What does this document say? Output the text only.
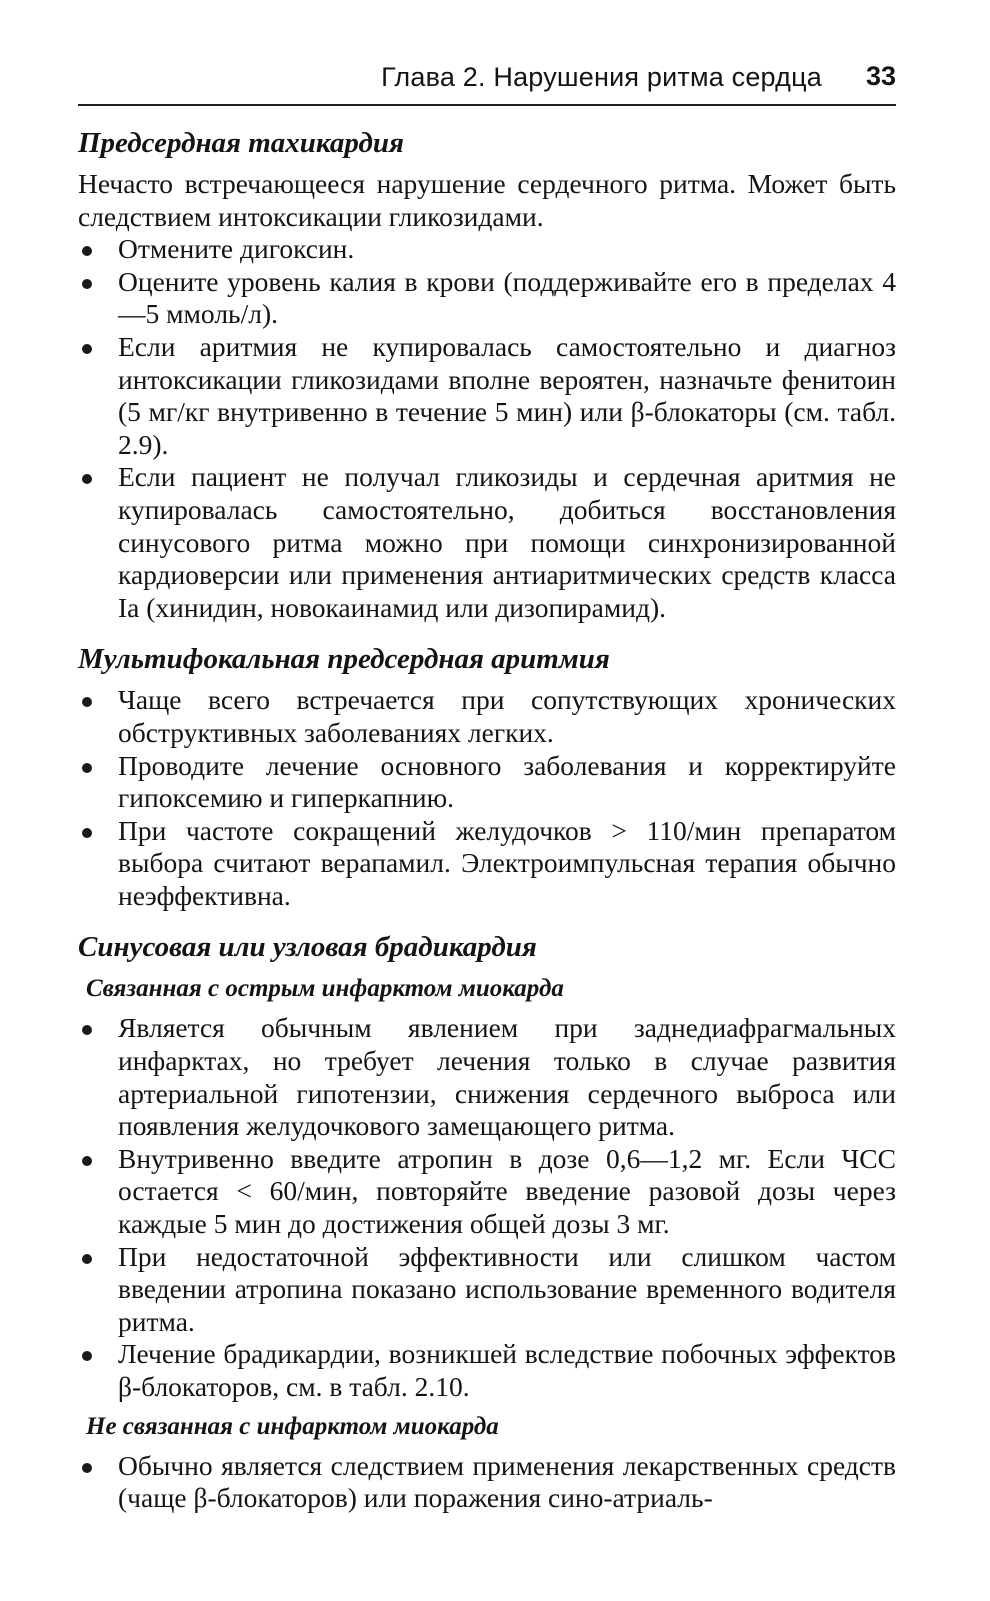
Глава 2. Нарушения ритма сердца 33
Предсердная тахикардия

Нечасто встречающееся нарушение сердечного ритма. Может быть следствием интоксикации гликозидами.

Отмените дигоксин.
Оцените уровень калия в крови (поддерживайте его в пределах 4—5 ммоль/л).
Если аритмия не купировалась самостоятельно и диагноз интоксикации гликозидами вполне вероятен, назначьте фенитоин (5 мг/кг внутривенно в течение 5 мин) или β-блокаторы (см. табл. 2.9).
Если пациент не получал гликозиды и сердечная аритмия не купировалась самостоятельно, добиться восстановления синусового ритма можно при помощи синхронизированной кардиоверсии или применения антиаритмических средств класса Ia (хинидин, новокаинамид или дизопирамид).
Мультифокальная предсердная аритмия
Чаще всего встречается при сопутствующих хронических обструктивных заболеваниях легких.
Проводите лечение основного заболевания и корректируйте гипоксемию и гиперкапнию.
При частоте сокращений желудочков > 110/мин препаратом выбора считают верапамил. Электроимпульсная терапия обычно неэффективна.
Синусовая или узловая брадикардия
Связанная с острым инфарктом миокарда
Является обычным явлением при заднедиафрагмальных инфарктах, но требует лечения только в случае развития артериальной гипотензии, снижения сердечного выброса или появления желудочкового замещающего ритма.
Внутривенно введите атропин в дозе 0,6—1,2 мг. Если ЧСС остается < 60/мин, повторяйте введение разовой дозы через каждые 5 мин до достижения общей дозы 3 мг.
При недостаточной эффективности или слишком частом введении атропина показано использование временного водителя ритма.
Лечение брадикардии, возникшей вследствие побочных эффектов β-блокаторов, см. в табл. 2.10.
Не связанная с инфарктом миокарда
Обычно является следствием применения лекарственных средств (чаще β-блокаторов) или поражения сино-атриаль-
